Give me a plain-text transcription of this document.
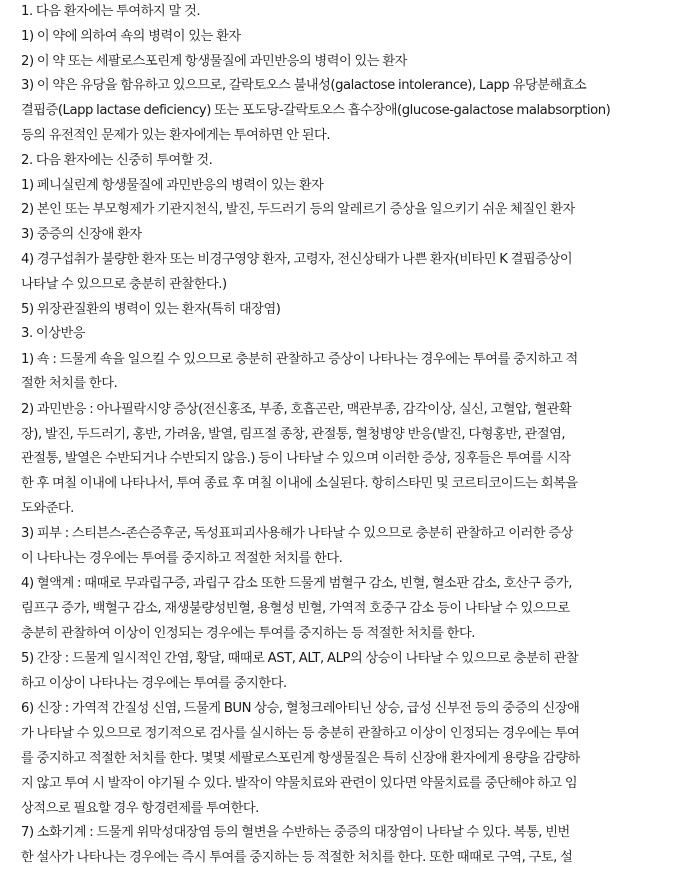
1. 다음 환자에는 투여하지 말 것.
1) 이 약에 의하여 쇽의 병력이 있는 환자
2) 이 약 또는 세팔로스포린계 항생물질에 과민반응의 병력이 있는 환자
3) 이 약은 유당을 함유하고 있으므로, 갈락토오스 불내성(galactose intolerance), Lapp 유당분해효소
결핍증(Lapp lactase deficiency) 또는 포도당-갈락토오스 흡수장애(glucose-galactose malabsorption)
등의 유전적인 문제가 있는 환자에게는 투여하면 안 된다.
2. 다음 환자에는 신중히 투여할 것.
1) 페니실린계 항생물질에 과민반응의 병력이 있는 환자
2) 본인 또는 부모형제가 기관지천식, 발진, 두드러기 등의 알레르기 증상을 일으키기 쉬운 체질인 환자
3) 중증의 신장애 환자
4) 경구섭취가 불량한 환자 또는 비경구영양 환자, 고령자, 전신상태가 나쁜 환자(비타민 K 결핍증상이
나타날 수 있으므로 충분히 관찰한다.)
5) 위장관질환의 병력이 있는 환자(특히 대장염)
3. 이상반응
1) 쇽 : 드물게 쇽을 일으킬 수 있으므로 충분히 관찰하고 증상이 나타나는 경우에는 투여를 중지하고 적
절한 처치를 한다.
2) 과민반응 : 아나필락시양 증상(전신홍조, 부종, 호흡곤란, 맥관부종, 감각이상, 실신, 고혈압, 혈관확
장), 발진, 두드러기, 홍반, 가려움, 발열, 림프절 종창, 관절통, 혈청병양 반응(발진, 다형홍반, 관절염,
관절통, 발열은 수반되거나 수반되지 않음.) 등이 나타날 수 있으며 이러한 증상, 징후들은 투여를 시작
한 후 며칠 이내에 나타나서, 투여 종료 후 며칠 이내에 소실된다. 항히스타민 및 코르티코이드는 회복을
도와준다.
3) 피부 : 스티븐스-존슨증후군, 독성표피괴사용해가 나타날 수 있으므로 충분히 관찰하고 이러한 증상
이 나타나는 경우에는 투여를 중지하고 적절한 처치를 한다.
4) 혈액계 : 때때로 무과립구증, 과립구 감소 또한 드물게 범혈구 감소, 빈혈, 혈소판 감소, 호산구 증가,
림프구 증가, 백혈구 감소, 재생불량성빈혈, 용혈성 빈혈, 가역적 호중구 감소 등이 나타날 수 있으므로
충분히 관찰하여 이상이 인정되는 경우에는 투여를 중지하는 등 적절한 처치를 한다.
5) 간장 : 드물게 일시적인 간염, 황달, 때때로 AST, ALT, ALP의 상승이 나타날 수 있으므로 충분히 관찰
하고 이상이 나타나는 경우에는 투여를 중지한다.
6) 신장 : 가역적 간질성 신염, 드물게 BUN 상승, 혈청크레아티닌 상승, 급성 신부전 등의 중증의 신장애
가 나타날 수 있으므로 정기적으로 검사를 실시하는 등 충분히 관찰하고 이상이 인정되는 경우에는 투여
를 중지하고 적절한 처치를 한다. 몇몇 세팔로스포린계 항생물질은 특히 신장애 환자에게 용량을 감량하
지 않고 투여 시 발작이 야기될 수 있다. 발작이 약물치료와 관련이 있다면 약물치료를 중단해야 하고 임
상적으로 필요할 경우 항경련제를 투여한다.
7) 소화기계 : 드물게 위막성대장염 등의 혈변을 수반하는 중증의 대장염이 나타날 수 있다. 복통, 빈번
한 설사가 나타나는 경우에는 즉시 투여를 중지하는 등 적절한 처치를 한다. 또한 때때로 구역, 구토, 설
